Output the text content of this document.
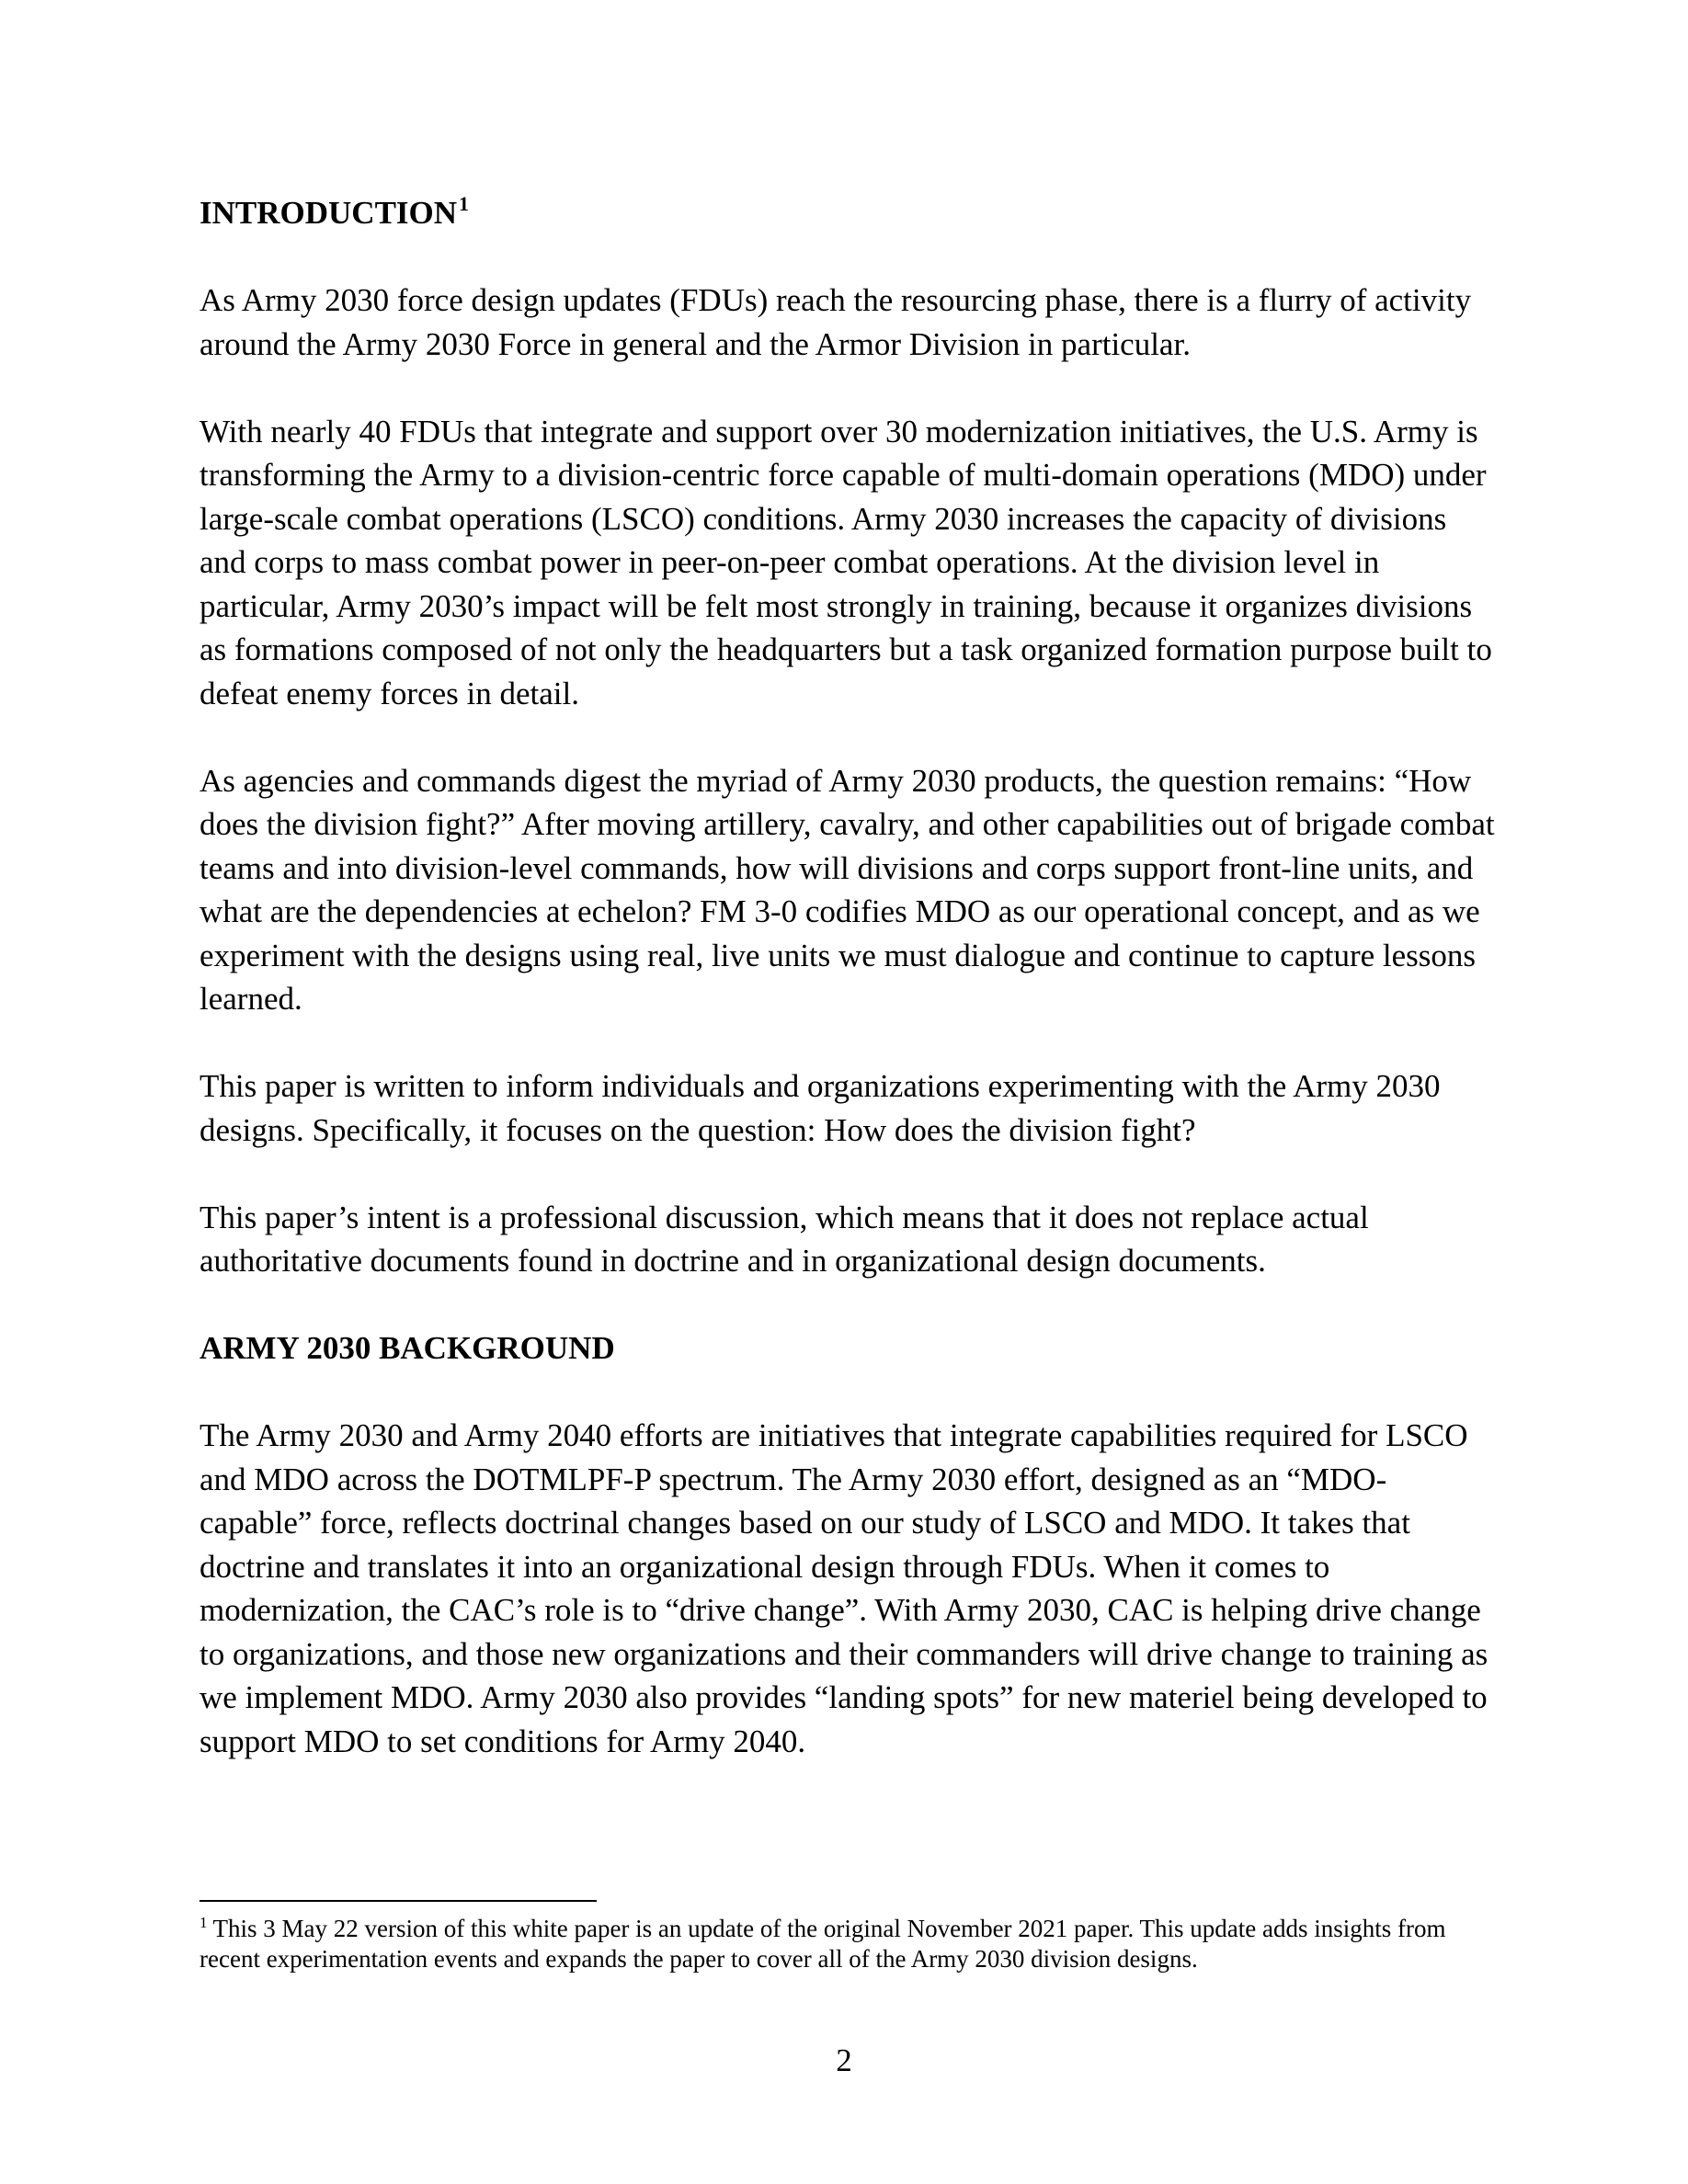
INTRODUCTION$^1$

As Army 2030 force design updates (FDUs) reach the resourcing phase, there is a flurry of activity around the Army 2030 Force in general and the Armor Division in particular.

With nearly 40 FDUs that integrate and support over 30 modernization initiatives, the U.S. Army is transforming the Army to a division-centric force capable of multi-domain operations (MDO) under large-scale combat operations (LSCO) conditions. Army 2030 increases the capacity of divisions and corps to mass combat power in peer-on-peer combat operations. At the division level in particular, Army 2030’s impact will be felt most strongly in training, because it organizes divisions as formations composed of not only the headquarters but a task organized formation purpose built to defeat enemy forces in detail.

As agencies and commands digest the myriad of Army 2030 products, the question remains: “How does the division fight?” After moving artillery, cavalry, and other capabilities out of brigade combat teams and into division-level commands, how will divisions and corps support front-line units, and what are the dependencies at echelon? FM 3-0 codifies MDO as our operational concept, and as we experiment with the designs using real, live units we must dialogue and continue to capture lessons learned.

This paper is written to inform individuals and organizations experimenting with the Army 2030 designs. Specifically, it focuses on the question: How does the division fight?

This paper’s intent is a professional discussion, which means that it does not replace actual authoritative documents found in doctrine and in organizational design documents.

ARMY 2030 BACKGROUND

The Army 2030 and Army 2040 efforts are initiatives that integrate capabilities required for LSCO and MDO across the DOTMLPF-P spectrum. The Army 2030 effort, designed as an “MDO-capable” force, reflects doctrinal changes based on our study of LSCO and MDO. It takes that doctrine and translates it into an organizational design through FDUs. When it comes to modernization, the CAC’s role is to “drive change”. With Army 2030, CAC is helping drive change to organizations, and those new organizations and their commanders will drive change to training as we implement MDO. Army 2030 also provides “landing spots” for new materiel being developed to support MDO to set conditions for Army 2040.

$^1$ This 3 May 22 version of this white paper is an update of the original November 2021 paper. This update adds insights from recent experimentation events and expands the paper to cover all of the Army 2030 division designs.
2
